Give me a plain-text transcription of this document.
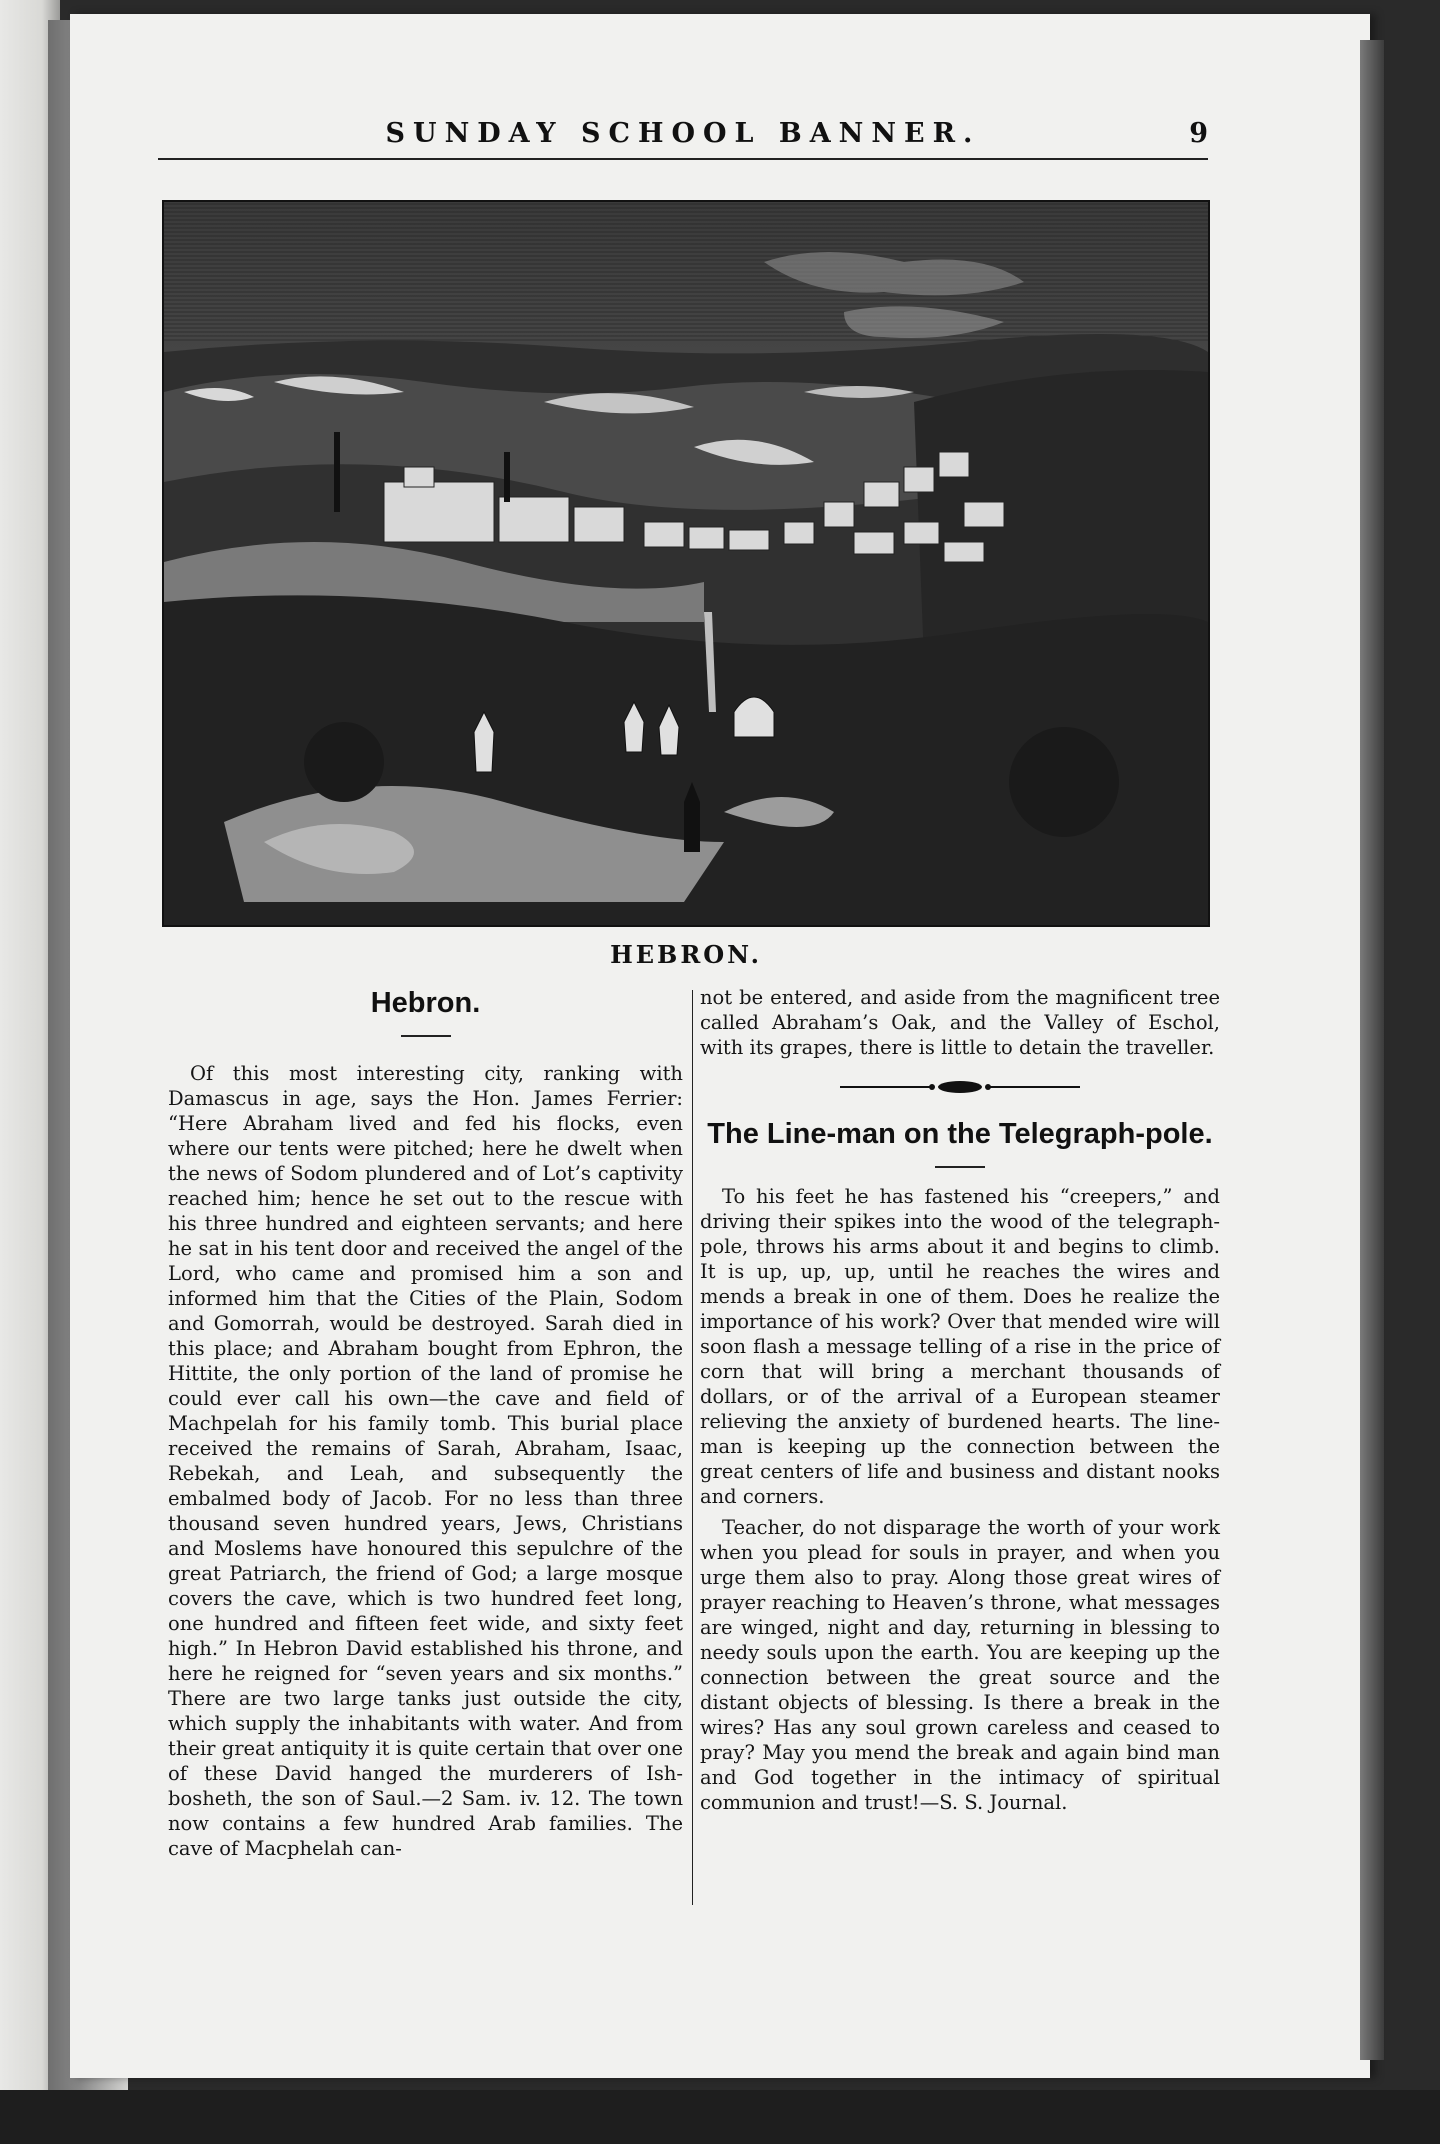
SUNDAY SCHOOL BANNER.	9
HEBRON.
Hebron.

Of this most interesting city, ranking with Damascus in age, says the Hon. James Ferrier: “Here Abraham lived and fed his flocks, even where our tents were pitched; here he dwelt when the news of Sodom plundered and of Lot’s captivity reached him; hence he set out to the rescue with his three hundred and eighteen servants; and here he sat in his tent door and received the angel of the Lord, who came and promised him a son and informed him that the Cities of the Plain, Sodom and Gomorrah, would be destroyed. Sarah died in this place; and Abraham bought from Ephron, the Hittite, the only portion of the land of promise he could ever call his own—the cave and field of Machpelah for his family tomb. This burial place received the remains of Sarah, Abraham, Isaac, Rebekah, and Leah, and subsequently the embalmed body of Jacob. For no less than three thousand seven hundred years, Jews, Christians and Moslems have honoured this sepulchre of the great Patriarch, the friend of God; a large mosque covers the cave, which is two hundred feet long, one hundred and fifteen feet wide, and sixty feet high.” In Hebron David established his throne, and here he reigned for “seven years and six months.” There are two large tanks just outside the city, which supply the inhabitants with water. And from their great antiquity it is quite certain that over one of these David hanged the murderers of Ish-bosheth, the son of Saul.—2 Sam. iv. 12. The town now contains a few hundred Arab families. The cave of Macphelah can-

not be entered, and aside from the magnificent tree called Abraham’s Oak, and the Valley of Eschol, with its grapes, there is little to detain the traveller.

The Line-man on the Telegraph-pole.

To his feet he has fastened his “creepers,” and driving their spikes into the wood of the telegraph-pole, throws his arms about it and begins to climb. It is up, up, up, until he reaches the wires and mends a break in one of them. Does he realize the importance of his work? Over that mended wire will soon flash a message telling of a rise in the price of corn that will bring a merchant thousands of dollars, or of the arrival of a European steamer relieving the anxiety of burdened hearts. The line-man is keeping up the connection between the great centers of life and business and distant nooks and corners.

Teacher, do not disparage the worth of your work when you plead for souls in prayer, and when you urge them also to pray. Along those great wires of prayer reaching to Heaven’s throne, what messages are winged, night and day, returning in blessing to needy souls upon the earth. You are keeping up the connection between the great source and the distant objects of blessing. Is there a break in the wires? Has any soul grown careless and ceased to pray? May you mend the break and again bind man and God together in the intimacy of spiritual communion and trust!—S. S. Journal.
